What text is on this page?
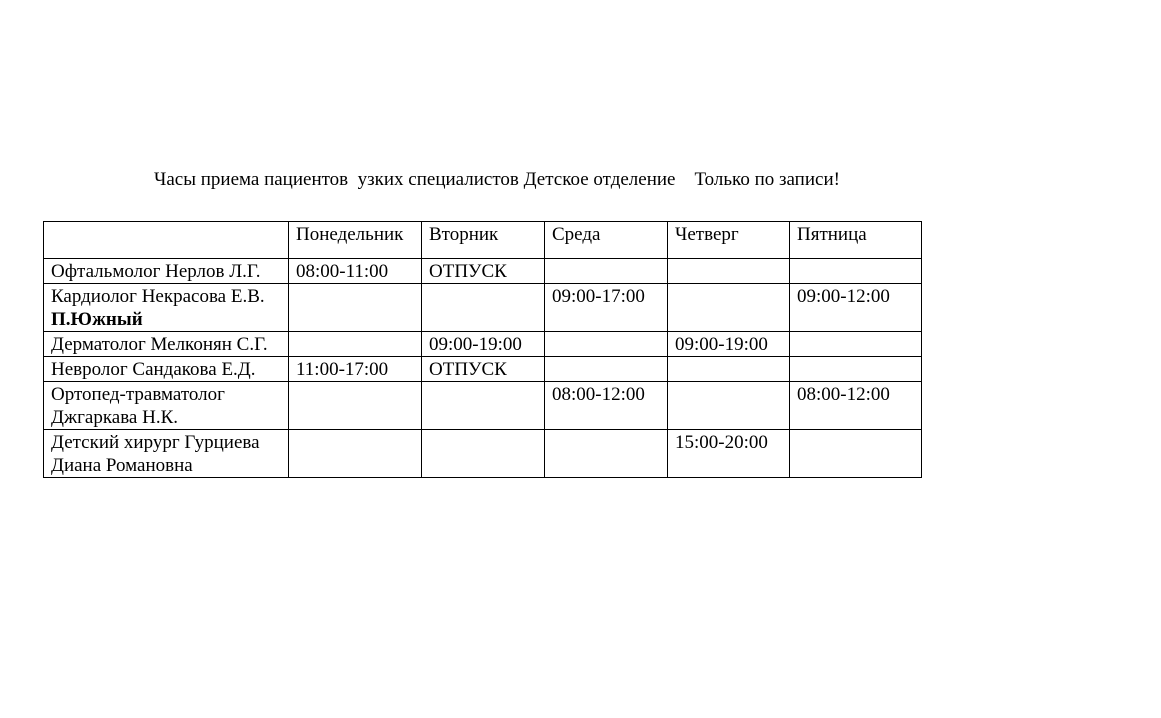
Часы приема пациентов  узких специалистов Детское отделение    Только по записи!
	Понедельник	Вторник	Среда	Четверг	Пятница
Офтальмолог Нерлов Л.Г.	08:00-11:00	ОТПУСК			

Кардиолог Некрасова Е.В.
П.Южный			09:00-17:00		09:00-12:00
Дерматолог Мелконян С.Г.		09:00-19:00		09:00-19:00	
Невролог Сандакова Е.Д.	11:00-17:00	ОТПУСК			
Ортопед-травматолог Джгаркава Н.К.			08:00-12:00		08:00-12:00
Детский хирург Гурциева Диана Романовна				15:00-20:00	
